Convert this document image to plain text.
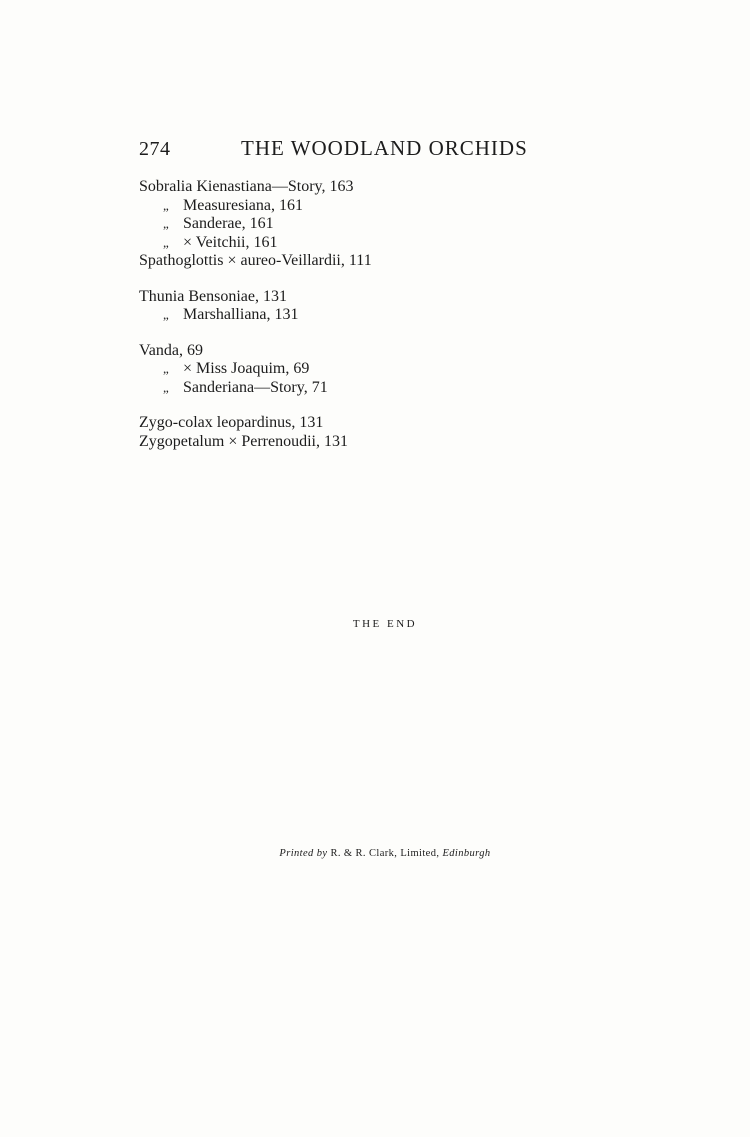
274	THE WOODLAND ORCHIDS
Sobralia Kienastiana—Story, 163
„ Measuresiana, 161
„ Sanderae, 161
„ × Veitchii, 161
Spathoglottis × aureo-Veillardii, 111
Thunia Bensoniae, 131
„ Marshalliana, 131
Vanda, 69
„ × Miss Joaquim, 69
„ Sanderiana—Story, 71
Zygo-colax leopardinus, 131
Zygopetalum × Perrenoudii, 131
THE END
Printed by R. & R. Clark, Limited, Edinburgh
